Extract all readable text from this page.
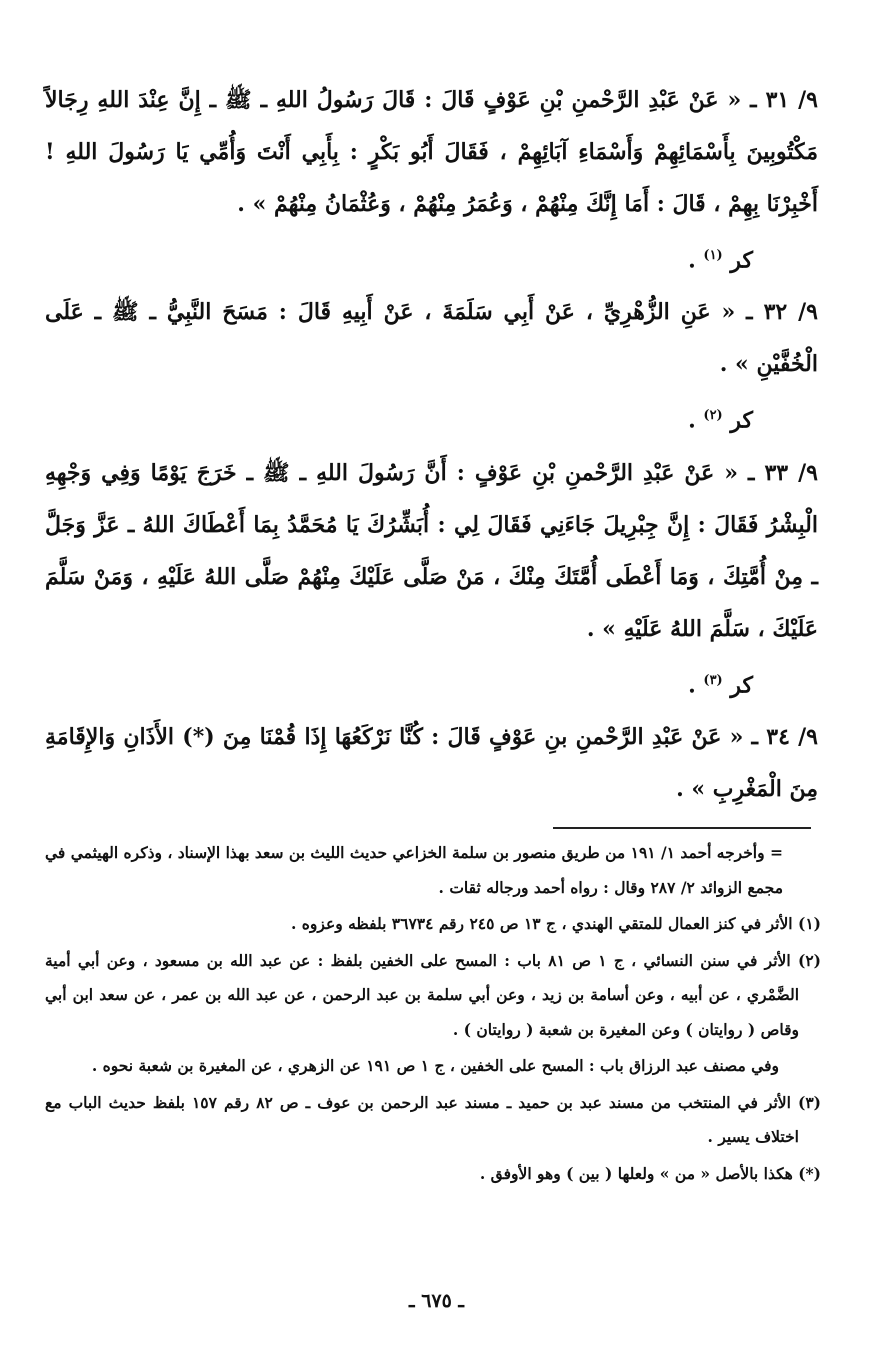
٩/ ٣١ ـ « عَنْ عَبْدِ الرَّحْمنِ بْنِ عَوْفٍ قَالَ : قَالَ رَسُولُ اللهِ ـ ﷺ ـ إِنَّ عِنْدَ اللهِ رِجَالاً مَكْتُوبِينَ بِأَسْمَائِهِمْ وَأَسْمَاءِ آبَائِهِمْ ، فَقَالَ أَبُو بَكْرٍ : بِأَبِي أَنْتَ وَأُمِّي يَا رَسُولَ اللهِ ! أَخْبِرْنَا بِهِمْ ، قَالَ : أَمَا إِنَّكَ مِنْهُمْ ، وَعُمَرُ مِنْهُمْ ، وَعُثْمَانُ مِنْهُمْ » .

كر $^{(١)}$ .

٩/ ٣٢ ـ « عَنِ الزُّهْرِيِّ ، عَنْ أَبِي سَلَمَةَ ، عَنْ أَبِيهِ قَالَ : مَسَحَ النَّبِيُّ ـ ﷺ ـ عَلَى الْخُفَّيْنِ » .

كر $^{(٢)}$ .

٩/ ٣٣ ـ « عَنْ عَبْدِ الرَّحْمنِ بْنِ عَوْفٍ : أَنَّ رَسُولَ اللهِ ـ ﷺ ـ خَرَجَ يَوْمًا وَفِي وَجْهِهِ الْبِشْرُ فَقَالَ : إِنَّ جِبْرِيلَ جَاءَنِي فَقَالَ لِي : أُبَشِّرُكَ يَا مُحَمَّدُ بِمَا أَعْطَاكَ اللهُ ـ عَزَّ وَجَلَّ ـ مِنْ أُمَّتِكَ ، وَمَا أَعْطَى أُمَّتَكَ مِنْكَ ، مَنْ صَلَّى عَلَيْكَ مِنْهُمْ صَلَّى اللهُ عَلَيْهِ ، وَمَنْ سَلَّمَ عَلَيْكَ ، سَلَّمَ اللهُ عَلَيْهِ » .

كر $^{(٣)}$ .

٩/ ٣٤ ـ « عَنْ عَبْدِ الرَّحْمنِ بنِ عَوْفٍ قَالَ : كُنَّا نَرْكَعُهَا إِذَا قُمْنَا مِنَ (*) الأَذَانِ وَالإِقَامَةِ مِنَ الْمَغْرِبِ » .

= وأخرجه أحمد ١/ ١٩١ من طريق منصور بن سلمة الخزاعي حديث الليث بن سعد بهذا الإسناد ، وذكره الهيثمي في مجمع الزوائد ٢/ ٢٨٧ وقال : رواه أحمد ورجاله ثقات .

(١) الأثر في كنز العمال للمتقي الهندي ، ج ١٣ ص ٢٤٥ رقم ٣٦٧٣٤ بلفظه وعزوه .

(٢) الأثر في سنن النسائي ، ج ١ ص ٨١ باب : المسح على الخفين بلفظ : عن عبد الله بن مسعود ، وعن أبي أمية الضَّمْري ، عن أبيه ، وعن أسامة بن زيد ، وعن أبي سلمة بن عبد الرحمن ، عن عبد الله بن عمر ، عن سعد ابن أبي وقاص ( روايتان ) وعن المغيرة بن شعبة ( روايتان ) .

وفي مصنف عبد الرزاق باب : المسح على الخفين ، ج ١ ص ١٩١ عن الزهري ، عن المغيرة بن شعبة نحوه .

(٣) الأثر في المنتخب من مسند عبد بن حميد ـ مسند عبد الرحمن بن عوف ـ ص ٨٢ رقم ١٥٧ بلفظ حديث الباب مع اختلاف يسير .

(*) هكذا بالأصل « من » ولعلها ( بين ) وهو الأوفق .

ـ ٦٧٥ ـ
